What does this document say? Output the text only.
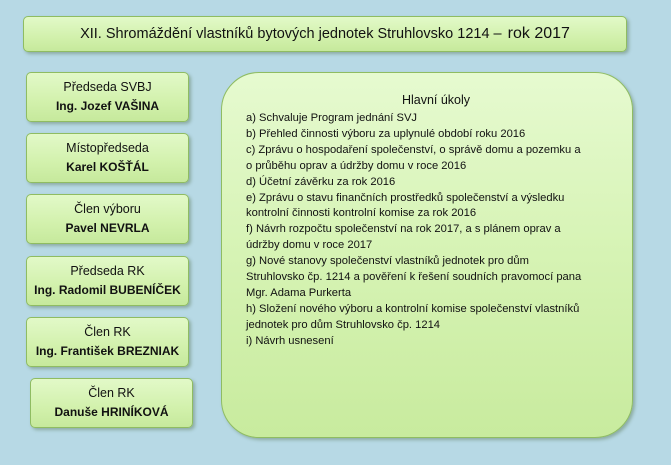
XII. Shromáždění vlastníků bytových jednotek Struhlovsko 1214 –
rok 2017
Předseda SVBJ
Ing. Jozef VAŠINA
Místopředseda
Karel KOŠŤÁL
Člen výboru
Pavel NEVRLA
Předseda RK
Ing. Radomil BUBENÍČEK
Člen RK
Ing. František BREZNIAK
Člen RK
Danuše HRINÍKOVÁ
Hlavní úkoly
a) Schvaluje Program jednání SVJ
b) Přehled činnosti výboru za uplynulé období roku 2016
c) Zprávu o hospodaření společenství, o správě domu a pozemku a
o průběhu oprav a údržby domu v roce 2016
d) Účetní závěrku za rok 2016
e) Zprávu o stavu finančních prostředků společenství a výsledku
kontrolní činnosti kontrolní komise za rok 2016
f) Návrh rozpočtu společenství na rok 2017, a s plánem oprav a
údržby domu v roce 2017
g) Nové stanovy společenství vlastníků jednotek pro dům
Struhlovsko čp. 1214 a pověření k řešení soudních pravomocí pana
Mgr. Adama Purkerta
h) Složení nového výboru a kontrolní komise společenství vlastníků
jednotek pro dům Struhlovsko čp. 1214
i) Návrh usnesení
